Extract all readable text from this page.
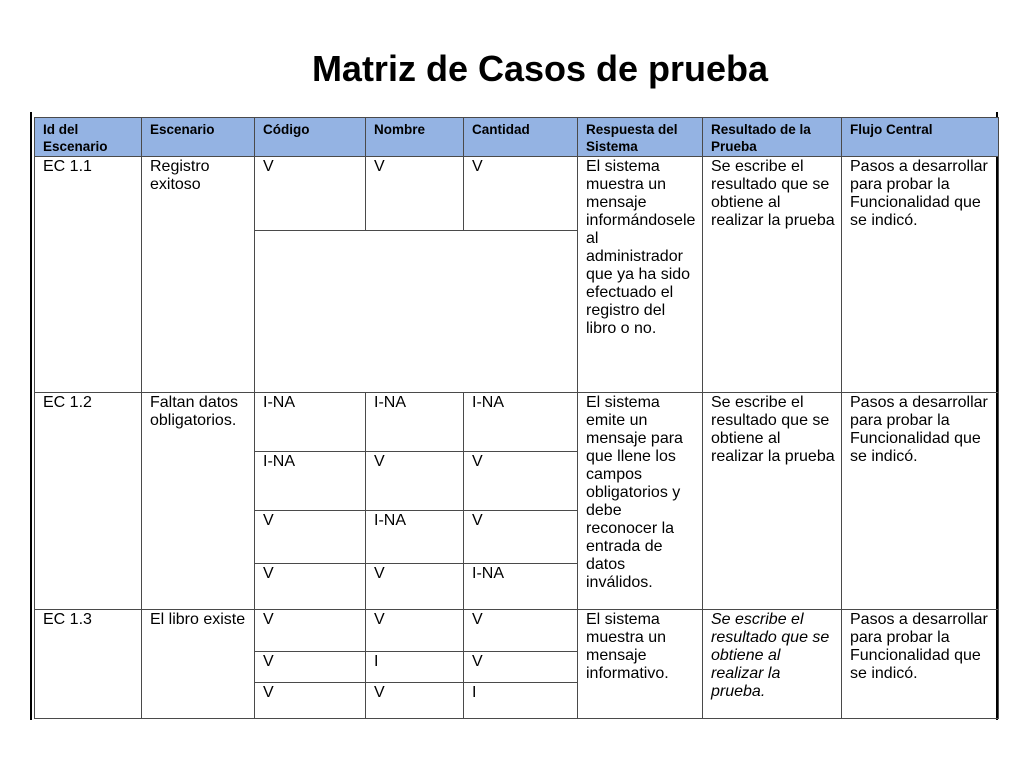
Matriz de Casos de prueba
Id del Escenario	Escenario	Código	Nombre	Cantidad	Respuesta del Sistema	Resultado de la Prueba	Flujo Central
EC 1.1	Registro exitoso	V	V	V	El sistema muestra un mensaje informándosele al administrador que ya ha sido efectuado el registro del libro o no.	Se escribe el resultado que se obtiene al realizar la prueba	Pasos a desarrollar para probar la Funcionalidad que se indicó.

EC 1.2	Faltan datos obligatorios.	I-NA	I-NA	I-NA	El sistema emite un mensaje para que llene los campos obligatorios y debe reconocer la entrada de datos inválidos.	Se escribe el resultado que se obtiene al realizar la prueba	Pasos a desarrollar para probar la Funcionalidad que se indicó.
		I-NA	V	V			
		V	I-NA	V			
		V	V	I-NA			
EC 1.3	El libro existe	V	V	V	El sistema muestra un mensaje informativo.	Se escribe el resultado que se obtiene al realizar la prueba.	Pasos a desarrollar para probar la Funcionalidad que se indicó.
		V	I	V			
		V	V	I			
